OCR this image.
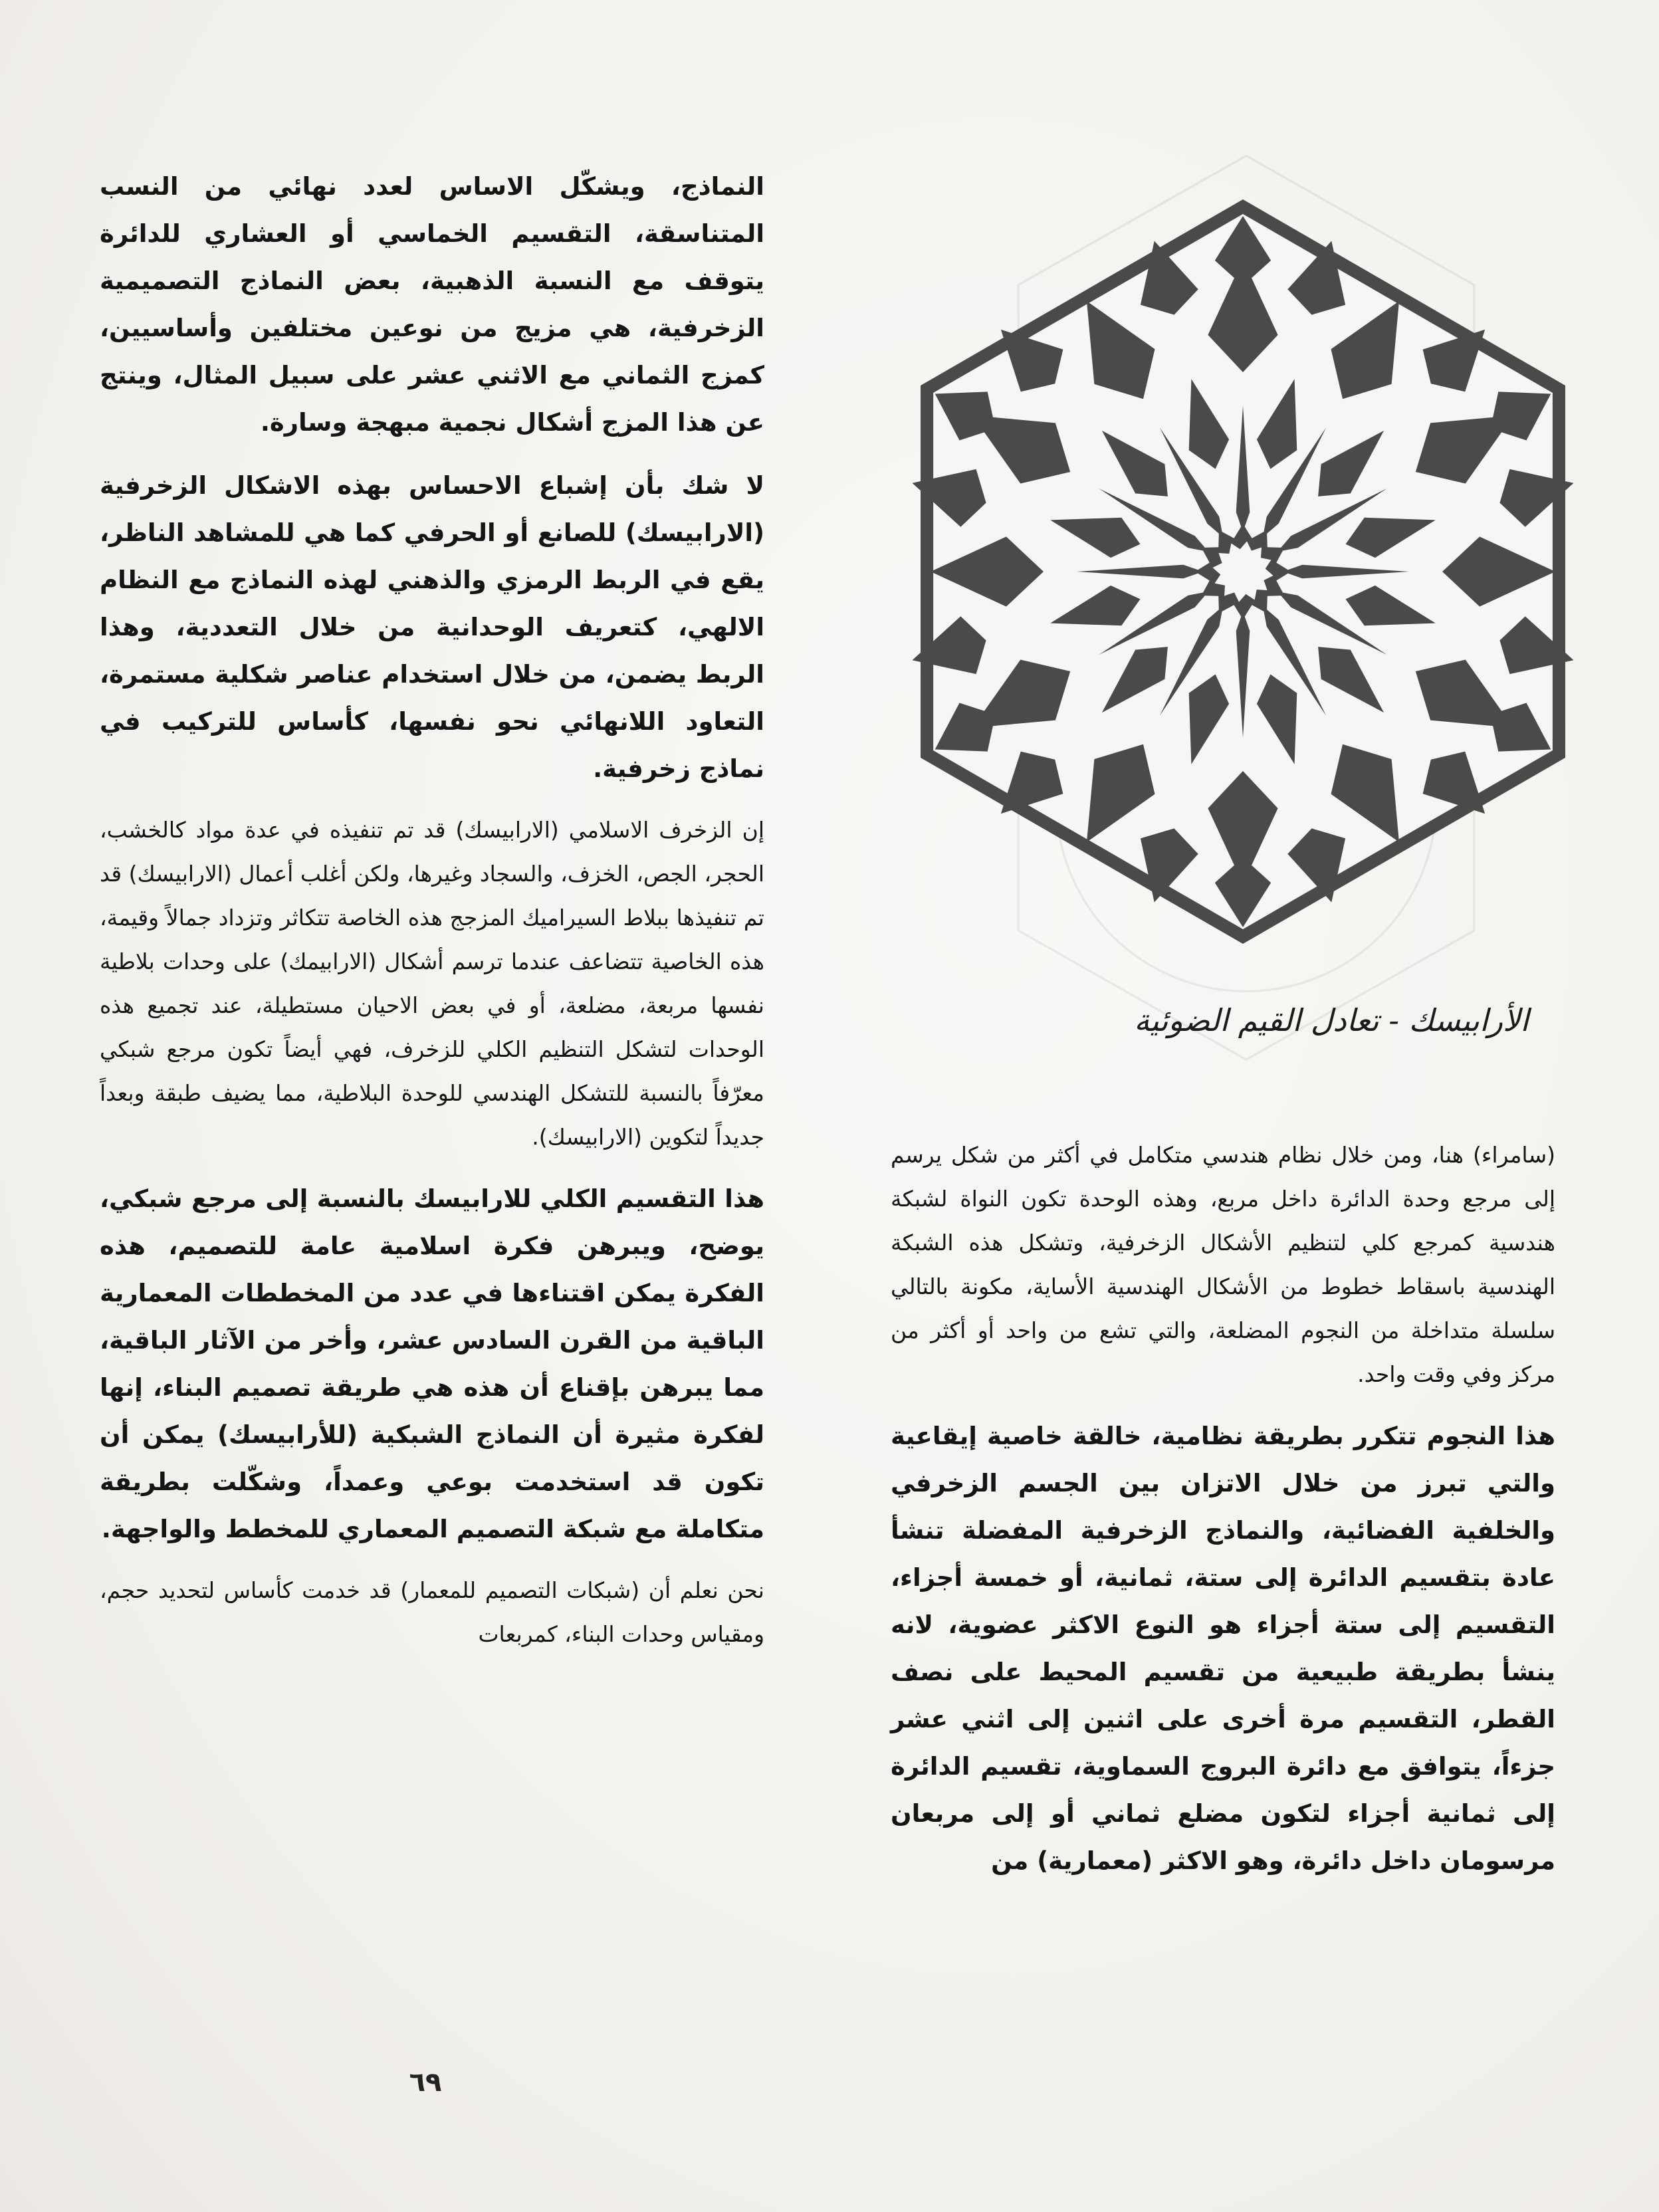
الأرابيسك - تعادل القيم الضوئية

النماذج، ويشكّل الاساس لعدد نهائي من النسب المتناسقة، التقسيم الخماسي أو العشاري للدائرة يتوقف مع النسبة الذهبية، بعض النماذج التصميمية الزخرفية، هي مزيج من نوعين مختلفين وأساسيين، كمزج الثماني مع الاثني عشر على سبيل المثال، وينتج عن هذا المزج أشكال نجمية مبهجة وسارة.

لا شك بأن إشباع الاحساس بهذه الاشكال الزخرفية (الارابيسك) للصانع أو الحرفي كما هي للمشاهد الناظر، يقع في الربط الرمزي والذهني لهذه النماذج مع النظام الالهي، كتعريف الوحدانية من خلال التعددية، وهذا الربط يضمن، من خلال استخدام عناصر شكلية مستمرة، التعاود اللانهائي نحو نفسها، كأساس للتركيب في نماذج زخرفية.

إن الزخرف الاسلامي (الارابيسك) قد تم تنفيذه في عدة مواد كالخشب، الحجر، الجص، الخزف، والسجاد وغيرها، ولكن أغلب أعمال (الارابيسك) قد تم تنفيذها ببلاط السيراميك المزجج هذه الخاصة تتكاثر وتزداد جمالاً وقيمة، هذه الخاصية تتضاعف عندما ترسم أشكال (الارابيمك) على وحدات بلاطية نفسها مربعة، مضلعة، أو في بعض الاحيان مستطيلة، عند تجميع هذه الوحدات لتشكل التنظيم الكلي للزخرف، فهي أيضاً تكون مرجع شبكي معرّفاً بالنسبة للتشكل الهندسي للوحدة البلاطية، مما يضيف طبقة وبعداً جديداً لتكوين (الارابيسك).

هذا التقسيم الكلي للارابيسك بالنسبة إلى مرجع شبكي، يوضح، ويبرهن فكرة اسلامية عامة للتصميم، هذه الفكرة يمكن اقتناءها في عدد من المخططات المعمارية الباقية من القرن السادس عشر، وأخر من الآثار الباقية، مما يبرهن بإقناع أن هذه هي طريقة تصميم البناء، إنها لفكرة مثيرة أن النماذج الشبكية (للأرابيسك) يمكن أن تكون قد استخدمت بوعي وعمداً، وشكّلت بطريقة متكاملة مع شبكة التصميم المعماري للمخطط والواجهة.

نحن نعلم أن (شبكات التصميم للمعمار) قد خدمت كأساس لتحديد حجم، ومقياس وحدات البناء، كمربعات

(سامراء) هنا، ومن خلال نظام هندسي متكامل في أكثر من شكل يرسم إلى مرجع وحدة الدائرة داخل مربع، وهذه الوحدة تكون النواة لشبكة هندسية كمرجع كلي لتنظيم الأشكال الزخرفية، وتشكل هذه الشبكة الهندسية باسقاط خطوط من الأشكال الهندسية الأساية، مكونة بالتالي سلسلة متداخلة من النجوم المضلعة، والتي تشع من واحد أو أكثر من مركز وفي وقت واحد.

هذا النجوم تتكرر بطريقة نظامية، خالقة خاصية إيقاعية والتي تبرز من خلال الاتزان بين الجسم الزخرفي والخلفية الفضائية، والنماذج الزخرفية المفضلة تنشأ عادة بتقسيم الدائرة إلى ستة، ثمانية، أو خمسة أجزاء، التقسيم إلى ستة أجزاء هو النوع الاكثر عضوية، لانه ينشأ بطريقة طبيعية من تقسيم المحيط على نصف القطر، التقسيم مرة أخرى على اثنين إلى اثني عشر جزءاً، يتوافق مع دائرة البروج السماوية، تقسيم الدائرة إلى ثمانية أجزاء لتكون مضلع ثماني أو إلى مربعان مرسومان داخل دائرة، وهو الاكثر (معمارية) من

٦٩
